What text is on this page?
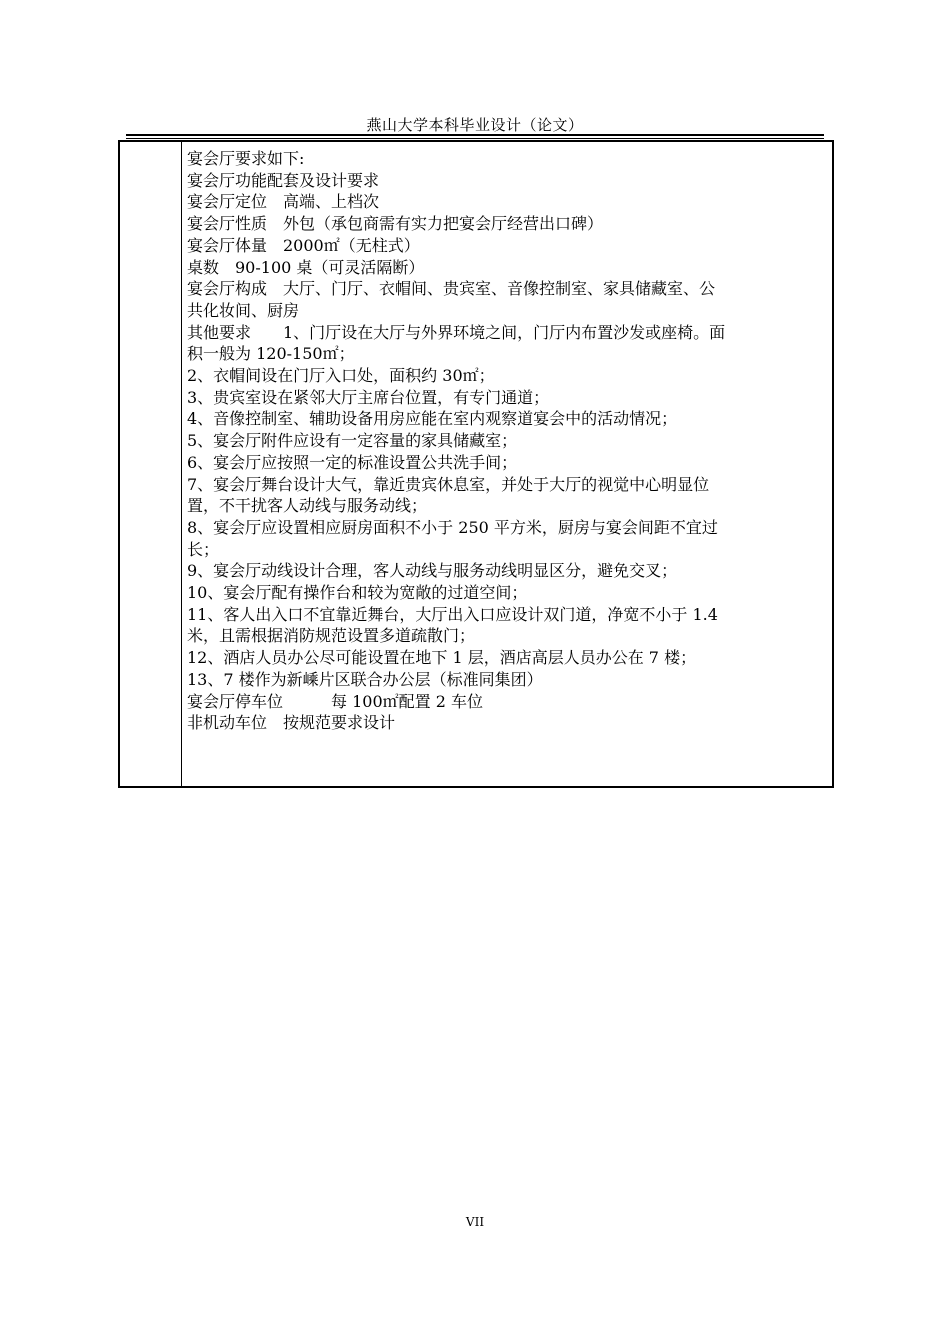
燕山大学本科毕业设计（论文）
宴会厅要求如下:
宴会厅功能配套及设计要求
宴会厅定位　高端、上档次
宴会厅性质　外包（承包商需有实力把宴会厅经营出口碑）
宴会厅体量　2000㎡（无柱式）
桌数　90-100 桌（可灵活隔断）
宴会厅构成　大厅、门厅、衣帽间、贵宾室、音像控制室、家具储藏室、公
共化妆间、厨房
其他要求　　1、门厅设在大厅与外界环境之间，门厅内布置沙发或座椅。面
积一般为 120-150㎡；
2、衣帽间设在门厅入口处，面积约 30㎡；
3、贵宾室设在紧邻大厅主席台位置，有专门通道；
4、音像控制室、辅助设备用房应能在室内观察道宴会中的活动情况；
5、宴会厅附件应设有一定容量的家具储藏室；
6、宴会厅应按照一定的标准设置公共洗手间；
7、宴会厅舞台设计大气，靠近贵宾休息室，并处于大厅的视觉中心明显位
置，不干扰客人动线与服务动线；
8、宴会厅应设置相应厨房面积不小于 250 平方米，厨房与宴会间距不宜过
长；
9、宴会厅动线设计合理，客人动线与服务动线明显区分，避免交叉；
10、宴会厅配有操作台和较为宽敞的过道空间；
11、客人出入口不宜靠近舞台，大厅出入口应设计双门道，净宽不小于 1.4
米，且需根据消防规范设置多道疏散门；
12、酒店人员办公尽可能设置在地下 1 层，酒店高层人员办公在 7 楼；
13、7 楼作为新嵊片区联合办公层（标准同集团）
宴会厅停车位　　　每 100㎡配置 2 车位
非机动车位　按规范要求设计
VII
